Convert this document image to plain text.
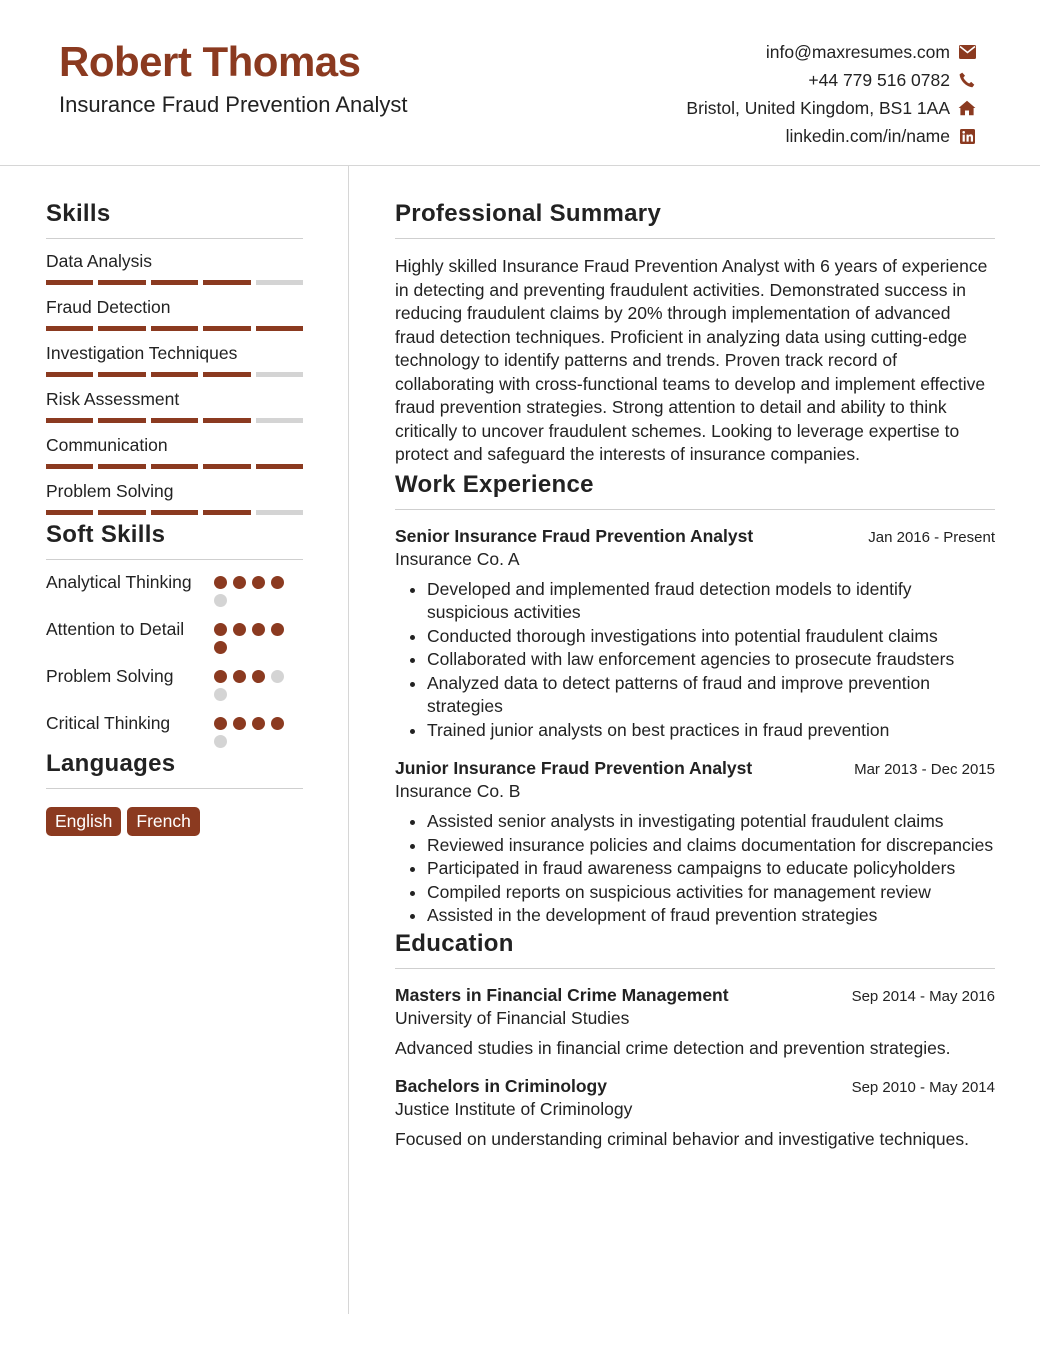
Robert Thomas
Insurance Fraud Prevention Analyst
info@maxresumes.com
+44 779 516 0782
Bristol, United Kingdom, BS1 1AA
linkedin.com/in/name
Skills
Data Analysis
Fraud Detection
Investigation Techniques
Risk Assessment
Communication
Problem Solving
Soft Skills
Analytical Thinking
Attention to Detail
Problem Solving
Critical Thinking
Languages
English	French
Professional Summary
Highly skilled Insurance Fraud Prevention Analyst with 6 years of experience in detecting and preventing fraudulent activities. Demonstrated success in reducing fraudulent claims by 20% through implementation of advanced fraud detection techniques. Proficient in analyzing data using cutting-edge technology to identify patterns and trends. Proven track record of collaborating with cross-functional teams to develop and implement effective fraud prevention strategies. Strong attention to detail and ability to think critically to uncover fraudulent schemes. Looking to leverage expertise to protect and safeguard the interests of insurance companies.
Work Experience
Senior Insurance Fraud Prevention Analyst	Jan 2016 - Present
Insurance Co. A
• Developed and implemented fraud detection models to identify suspicious activities
• Conducted thorough investigations into potential fraudulent claims
• Collaborated with law enforcement agencies to prosecute fraudsters
• Analyzed data to detect patterns of fraud and improve prevention strategies
• Trained junior analysts on best practices in fraud prevention
Junior Insurance Fraud Prevention Analyst	Mar 2013 - Dec 2015
Insurance Co. B
• Assisted senior analysts in investigating potential fraudulent claims
• Reviewed insurance policies and claims documentation for discrepancies
• Participated in fraud awareness campaigns to educate policyholders
• Compiled reports on suspicious activities for management review
• Assisted in the development of fraud prevention strategies
Education
Masters in Financial Crime Management	Sep 2014 - May 2016
University of Financial Studies
Advanced studies in financial crime detection and prevention strategies.
Bachelors in Criminology	Sep 2010 - May 2014
Justice Institute of Criminology
Focused on understanding criminal behavior and investigative techniques.
